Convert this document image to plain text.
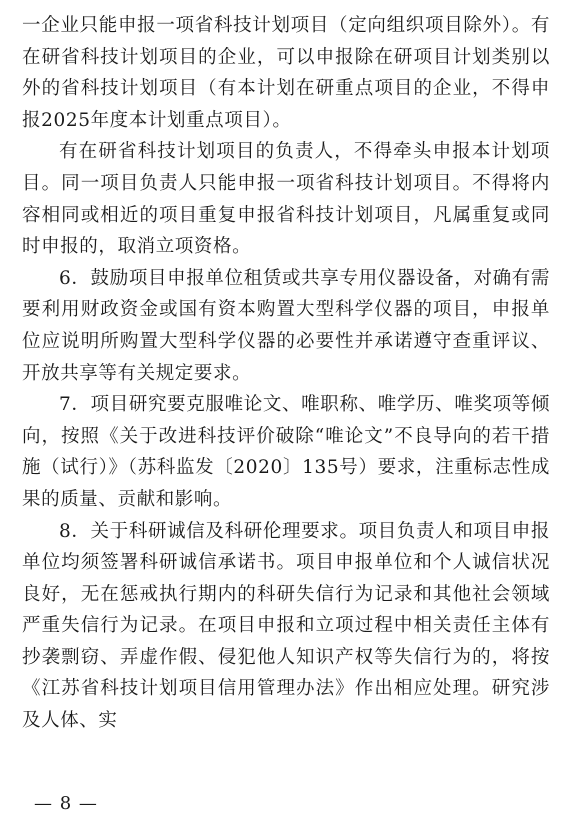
一企业只能申报一项省科技计划项目（定向组织项目除外）。有在研省科技计划项目的企业，可以申报除在研项目计划类别以外的省科技计划项目（有本计划在研重点项目的企业，不得申报2025年度本计划重点项目）。

有在研省科技计划项目的负责人，不得牵头申报本计划项目。同一项目负责人只能申报一项省科技计划项目。不得将内容相同或相近的项目重复申报省科技计划项目，凡属重复或同时申报的，取消立项资格。

6．鼓励项目申报单位租赁或共享专用仪器设备，对确有需要利用财政资金或国有资本购置大型科学仪器的项目，申报单位应说明所购置大型科学仪器的必要性并承诺遵守查重评议、开放共享等有关规定要求。

7．项目研究要克服唯论文、唯职称、唯学历、唯奖项等倾向，按照《关于改进科技评价破除“唯论文”不良导向的若干措施（试行）》（苏科监发〔2020〕135号）要求，注重标志性成果的质量、贡献和影响。

8．关于科研诚信及科研伦理要求。项目负责人和项目申报单位均须签署科研诚信承诺书。项目申报单位和个人诚信状况良好，无在惩戒执行期内的科研失信行为记录和其他社会领域严重失信行为记录。在项目申报和立项过程中相关责任主体有抄袭剽窃、弄虚作假、侵犯他人知识产权等失信行为的，将按《江苏省科技计划项目信用管理办法》作出相应处理。研究涉及人体、实

— 8 —
